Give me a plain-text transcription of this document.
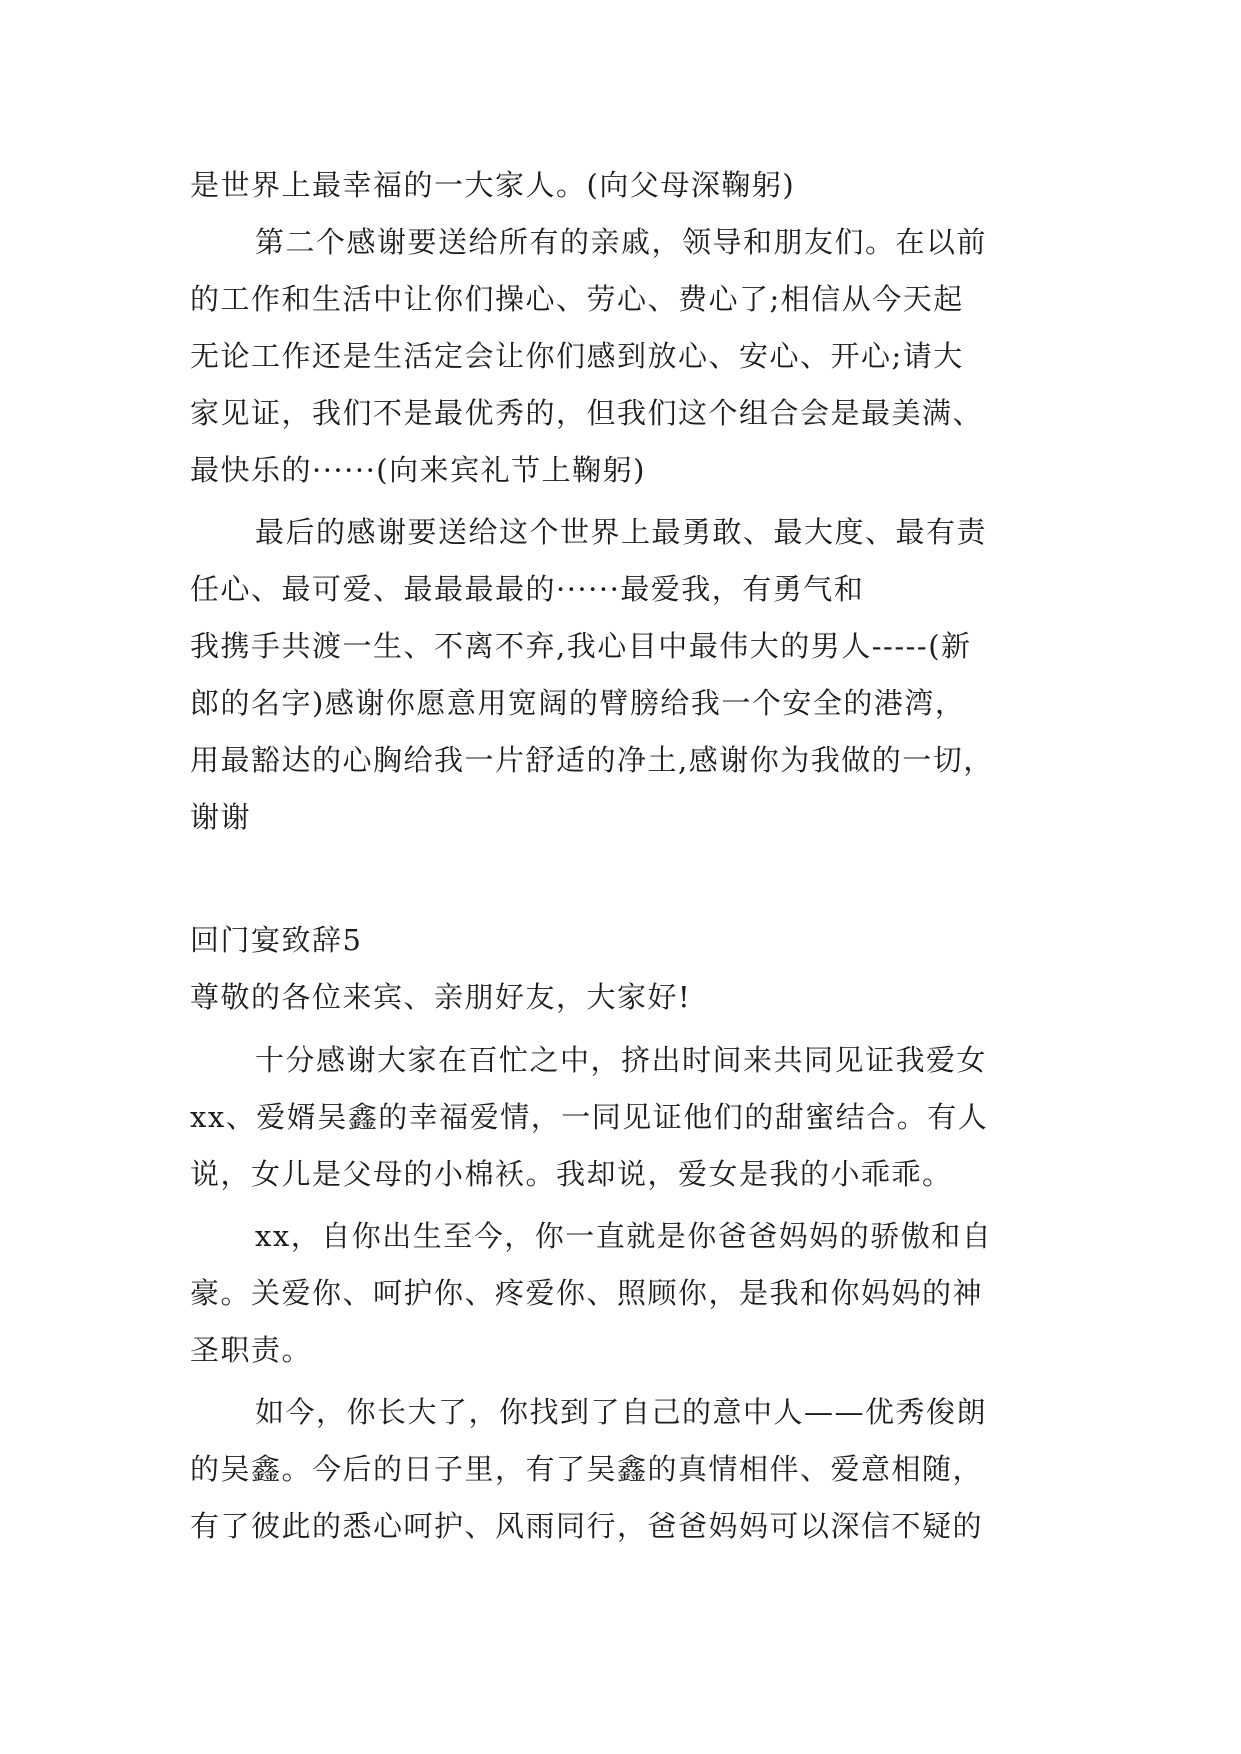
是世界上最幸福的一大家人。(向父母深鞠躬)
第二个感谢要送给所有的亲戚，领导和朋友们。在以前
的工作和生活中让你们操心、劳心、费心了;相信从今天起
无论工作还是生活定会让你们感到放心、安心、开心;请大
家见证，我们不是最优秀的，但我们这个组合会是最美满、
最快乐的······(向来宾礼节上鞠躬)
最后的感谢要送给这个世界上最勇敢、最大度、最有责
任心、最可爱、最最最最的······最爱我，有勇气和
我携手共渡一生、不离不弃,我心目中最伟大的男人-----(新
郎的名字)感谢你愿意用宽阔的臂膀给我一个安全的港湾，
用最豁达的心胸给我一片舒适的净土,感谢你为我做的一切，
谢谢
回门宴致辞5
尊敬的各位来宾、亲朋好友，大家好!
十分感谢大家在百忙之中，挤出时间来共同见证我爱女
xx、爱婿吴鑫的幸福爱情，一同见证他们的甜蜜结合。有人
说，女儿是父母的小棉袄。我却说，爱女是我的小乖乖。
xx，自你出生至今，你一直就是你爸爸妈妈的骄傲和自
豪。关爱你、呵护你、疼爱你、照顾你，是我和你妈妈的神
圣职责。
如今，你长大了，你找到了自己的意中人——优秀俊朗
的吴鑫。今后的日子里，有了吴鑫的真情相伴、爱意相随，
有了彼此的悉心呵护、风雨同行，爸爸妈妈可以深信不疑的
